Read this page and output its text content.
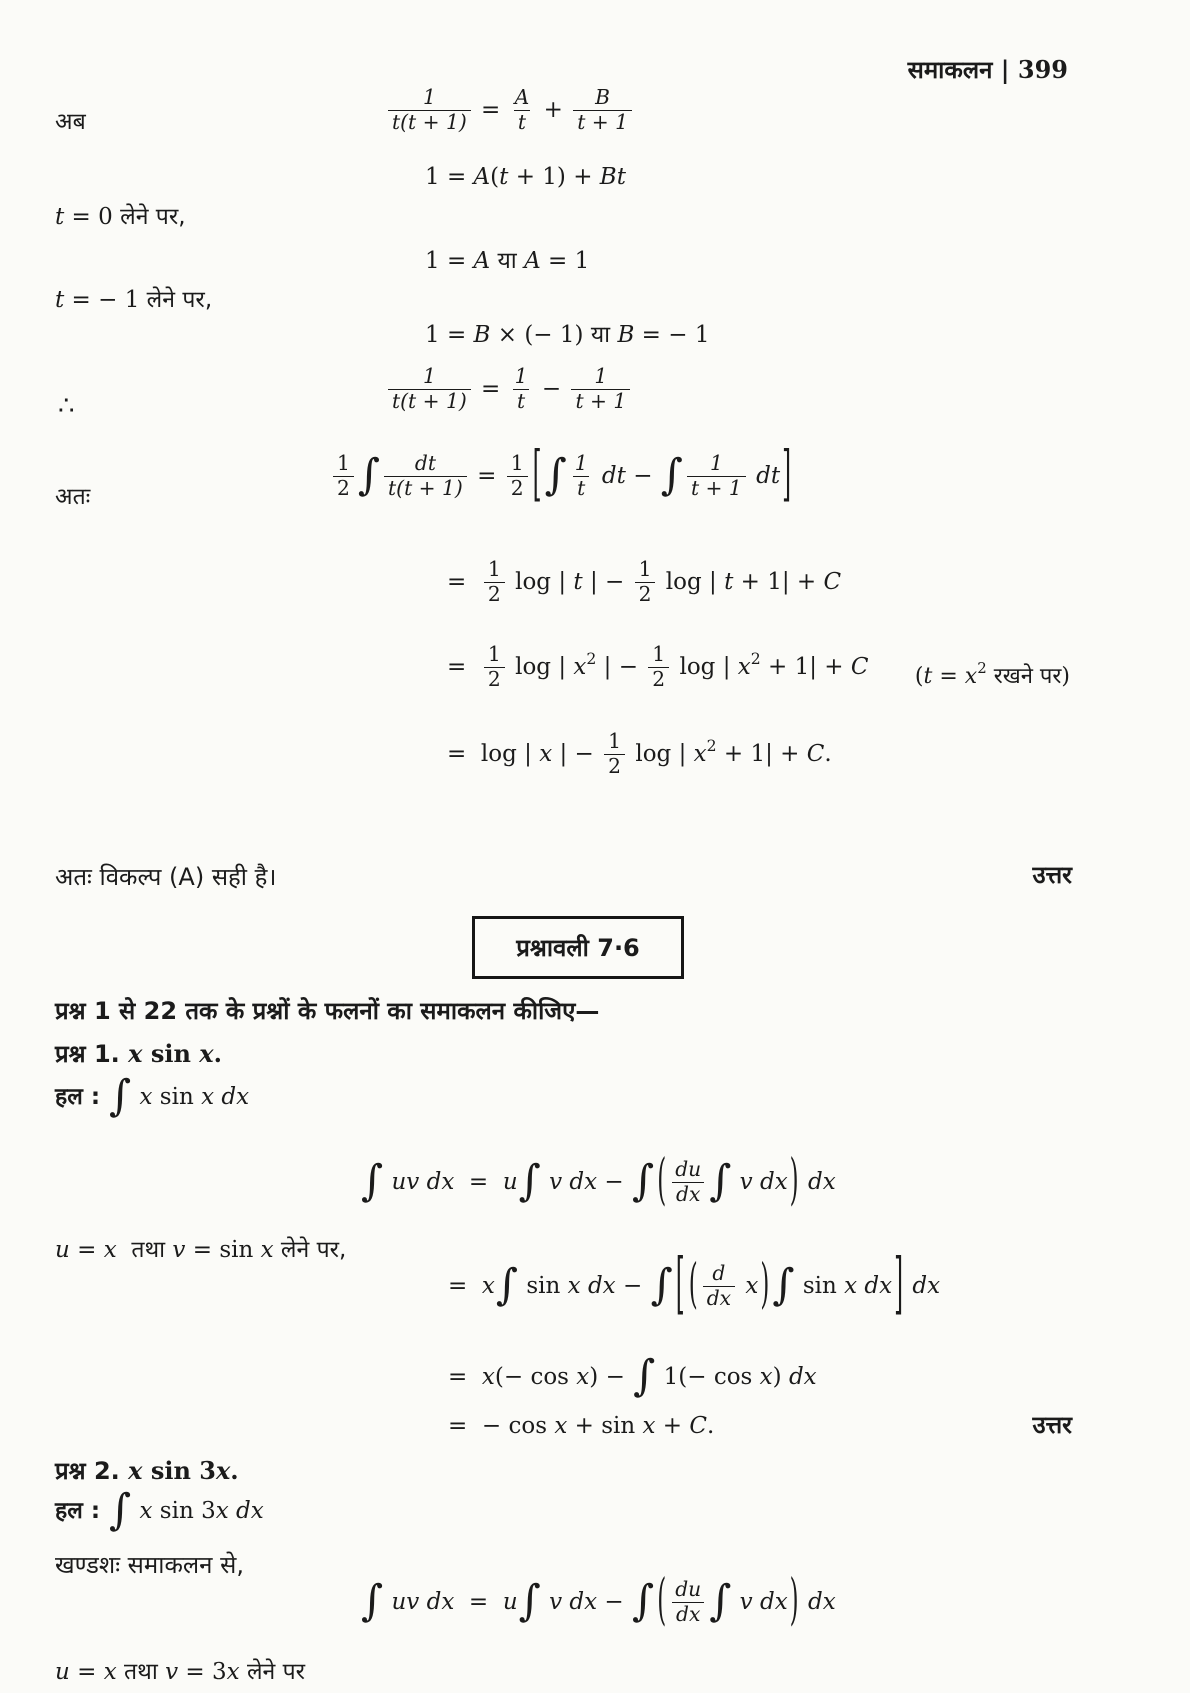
समाकलन | 399

अब	$\frac{1}{t(t + 1)} = \frac{A}{t} + \frac{B}{t + 1}$
1 = A ( t + 1) + Bt
t = 0 लेने पर,
1 = A
या
A = 1
t = − 1 लेने पर,
1 = B × (− 1) या
B = − 1
∴	$\frac{1}{t(t + 1)} = \frac{1}{t} - \frac{1}{t + 1}$
अतः	$\frac{1}{2}$ ∫ $\frac{dt}{t(t + 1)} = \frac{1}{2}$ [ ∫ $\frac{1}{t}$ dt − ∫ $\frac{1}{t + 1}$ dt ]
= $\frac{1}{2}$ log | t | − $\frac{1}{2}$ log | t + 1| + C
= $\frac{1}{2}$ log | x 2 | − $\frac{1}{2}$ log | x 2 + 1| + C ( t = x 2
रखने पर )
=  log | x | − $\frac{1}{2}$ log | x 2 + 1| + C .
अतः विकल्प (A) सही है।	उत्तर
प्रश्नावली 7·6
प्रश्न 1 से 22 तक के प्रश्नों के फलनों का समाकलन कीजिए—
प्रश्न 1. x sin x .
हल : ∫
x sin x
dx
∫ uv dx = u ∫ v dx − ∫ ( $\frac{du}{dx}$ ∫ v dx ) dx
u = x
तथा
v = sin x
लेने पर,
= x ∫ sin x dx − ∫ [ ( $\frac{d}{dx}$ x ) ∫ sin x dx ] dx
= x (− cos x ) − ∫ 1(− cos x ) dx
=  − cos x + sin x + C .	उत्तर
प्रश्न 2. x sin 3 x .
हल : ∫
x sin 3 x
dx
खण्डशः समाकलन से,
∫ uv dx = u ∫ v dx − ∫ ( $\frac{du}{dx}$ ∫ v dx ) dx
u = x
तथा
v = 3 x
लेने पर
